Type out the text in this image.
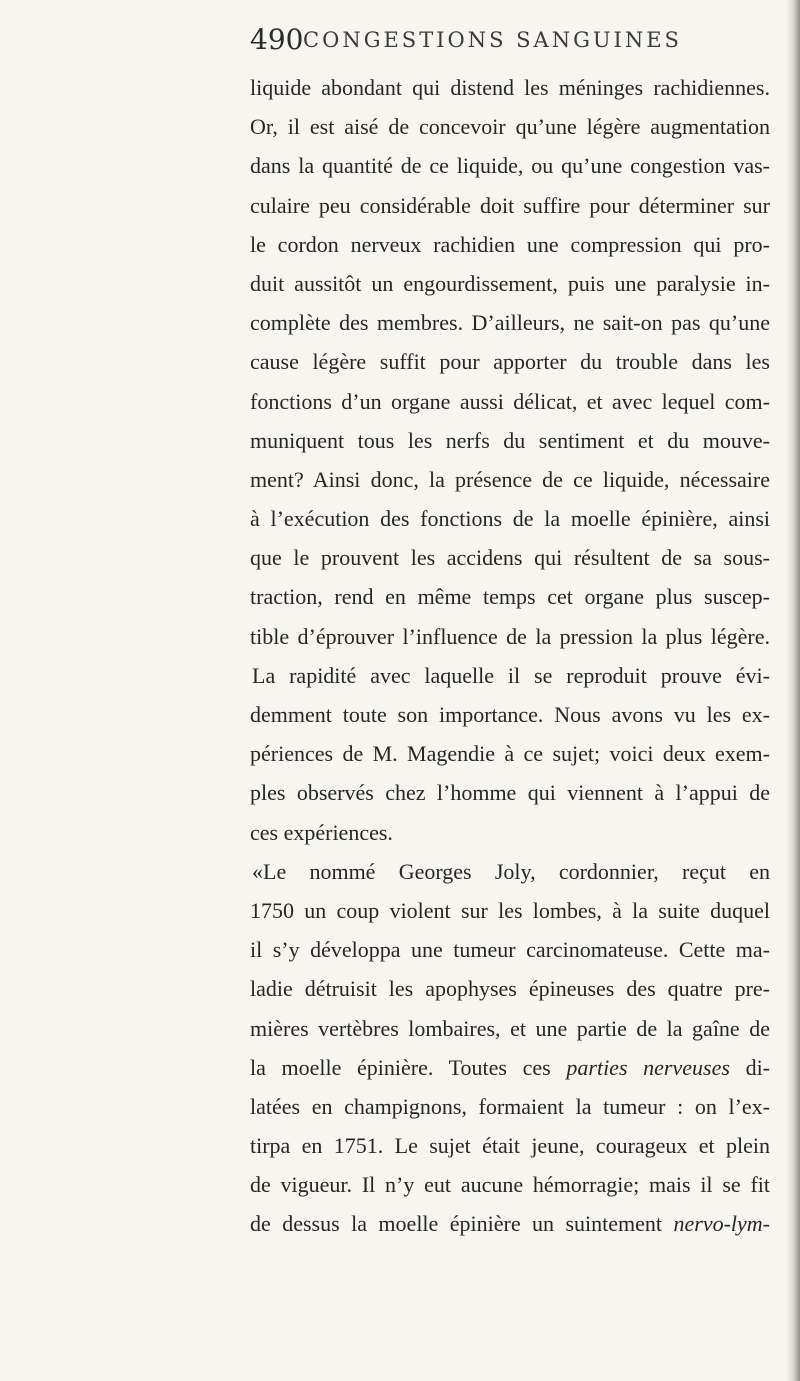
490 CONGESTIONS SANGUINES
liquide abondant qui distend les méninges rachidiennes.
Or, il est aisé de concevoir qu’une légère augmentation
dans la quantité de ce liquide, ou qu’une congestion vas-
culaire peu considérable doit suffire pour déterminer sur
le cordon nerveux rachidien une compression qui pro-
duit aussitôt un engourdissement, puis une paralysie in-
complète des membres. D’ailleurs, ne sait-on pas qu’une
cause légère suffit pour apporter du trouble dans les
fonctions d’un organe aussi délicat, et avec lequel com-
muniquent tous les nerfs du sentiment et du mouve-
ment? Ainsi donc, la présence de ce liquide, nécessaire
à l’exécution des fonctions de la moelle épinière, ainsi
que le prouvent les accidens qui résultent de sa sous-
traction, rend en même temps cet organe plus suscep-
tible d’éprouver l’influence de la pression la plus légère.
La rapidité avec laquelle il se reproduit prouve évi-
demment toute son importance. Nous avons vu les ex-
périences de M. Magendie à ce sujet; voici deux exem-
ples observés chez l’homme qui viennent à l’appui de
ces expériences.
«Le nommé Georges Joly, cordonnier, reçut en
1750 un coup violent sur les lombes, à la suite duquel
il s’y développa une tumeur carcinomateuse. Cette ma-
ladie détruisit les apophyses épineuses des quatre pre-
mières vertèbres lombaires, et une partie de la gaîne de
la moelle épinière. Toutes ces parties nerveuses di-
latées en champignons, formaient la tumeur : on l’ex-
tirpa en 1751. Le sujet était jeune, courageux et plein
de vigueur. Il n’y eut aucune hémorragie; mais il se fit
de dessus la moelle épinière un suintement nervo-lym-
